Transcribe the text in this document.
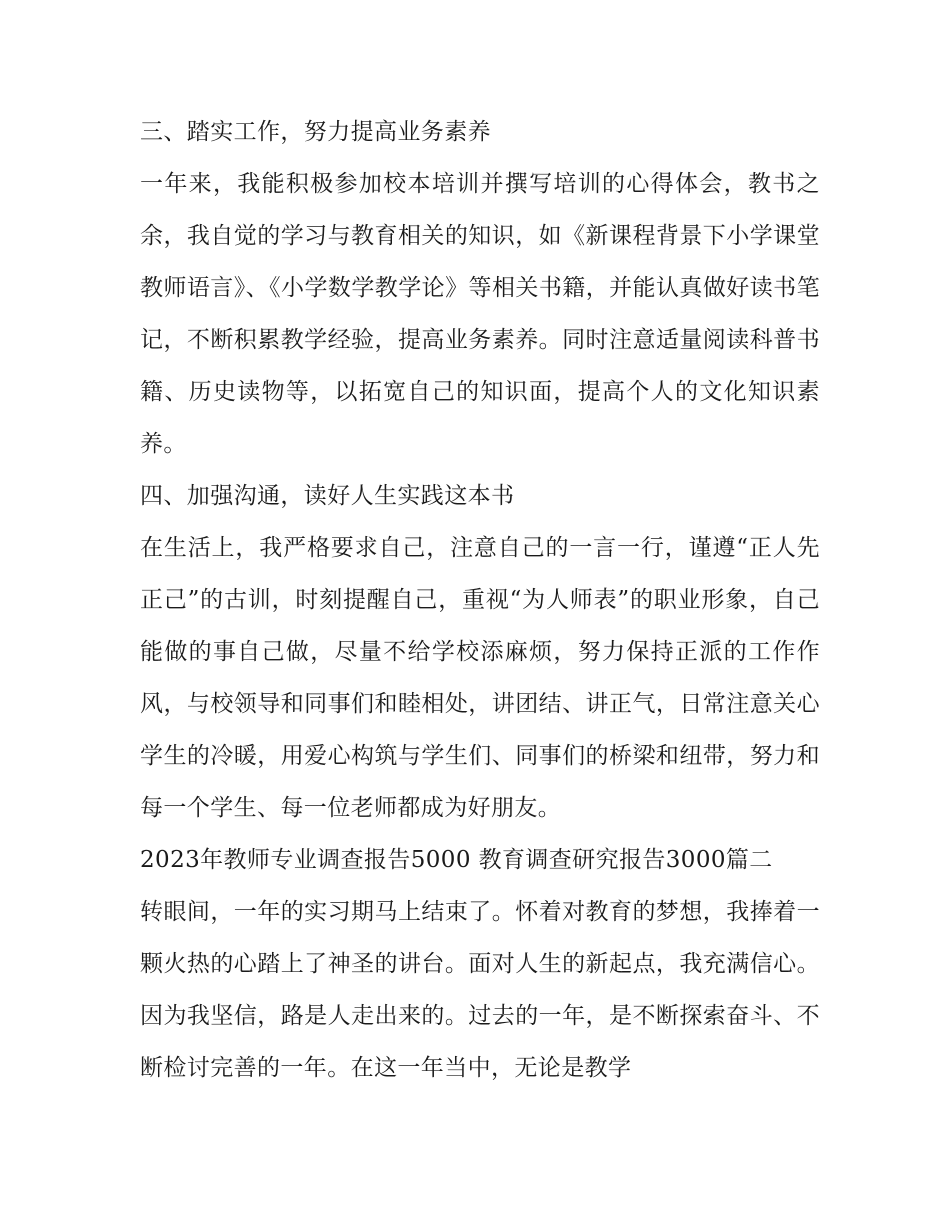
三、踏实工作，努力提高业务素养

一年来，我能积极参加校本培训并撰写培训的心得体会，教书之余，我自觉的学习与教育相关的知识，如《新课程背景下小学课堂教师语言》、《小学数学教学论》等相关书籍，并能认真做好读书笔记，不断积累教学经验，提高业务素养。同时注意适量阅读科普书籍、历史读物等，以拓宽自己的知识面，提高个人的文化知识素养。

四、加强沟通，读好人生实践这本书

在生活上，我严格要求自己，注意自己的一言一行，谨遵“正人先正己”的古训，时刻提醒自己，重视“为人师表”的职业形象，自己能做的事自己做，尽量不给学校添麻烦，努力保持正派的工作作风，与校领导和同事们和睦相处，讲团结、讲正气，日常注意关心学生的冷暖，用爱心构筑与学生们、同事们的桥梁和纽带，努力和每一个学生、每一位老师都成为好朋友。

2023年教师专业调查报告5000 教育调查研究报告3000篇二

转眼间，一年的实习期马上结束了。怀着对教育的梦想，我捧着一颗火热的心踏上了神圣的讲台。面对人生的新起点，我充满信心。因为我坚信，路是人走出来的。过去的一年，是不断探索奋斗、不断检讨完善的一年。在这一年当中，无论是教学
